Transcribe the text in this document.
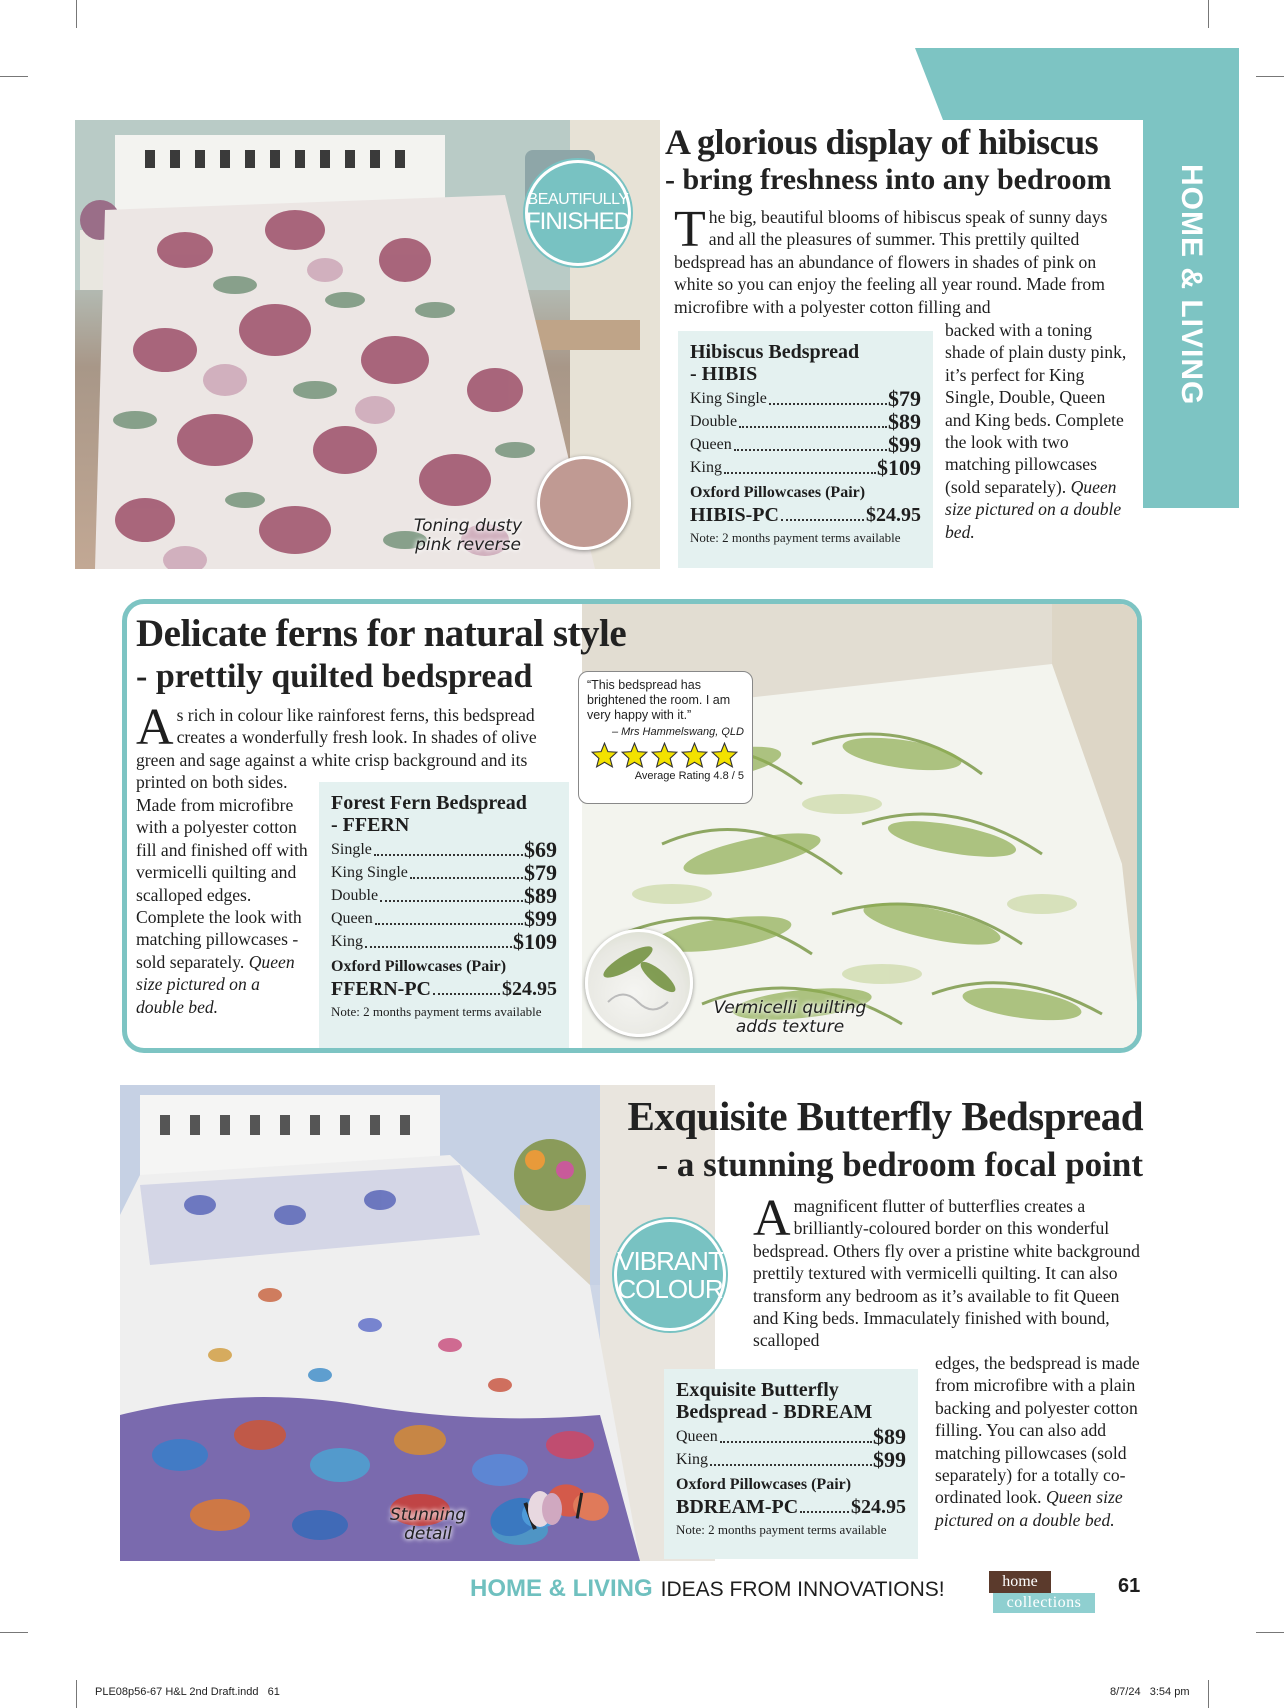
HOME & LIVING
Toning dusty
pink reverse
BEAUTIFULLY
FINISHED
A glorious display of hibiscus
- bring freshness into any bedroom
The big, beautiful blooms of hibiscus speak of sunny days and all the pleasures of summer. This prettily quilted bedspread has an abundance of flowers in shades of pink on white so you can enjoy the feeling all year round. Made from microfibre with a polyester cotton filling and
backed with a toning shade of plain dusty pink, it’s perfect for King Single, Double, Queen and King beds. Complete the look with two matching pillowcases (sold separately). Queen size pictured on a double bed.
Hibiscus Bedspread
- HIBIS
King Single	$79
Double	$89
Queen	$99
King	$109
Oxford Pillowcases (Pair)
HIBIS-PC	$24.95
Note: 2 months payment terms available
Vermicelli quilting
adds texture
Delicate ferns for natural style
- prettily quilted bedspread	“This bedspread has brightened the room. I am very happy with it.”
– Mrs Hammelswang, QLD
Average Rating 4.8 / 5
As rich in colour like rainforest ferns, this bedspread creates a wonderfully fresh look. In shades of olive green and sage against a white crisp background and its printed on both sides.
Made from microfibre with a polyester cotton fill and finished off with vermicelli quilting and scalloped edges. Complete the look with matching pillowcases - sold separately. Queen size pictured on a double bed.
Forest Fern Bedspread
- FFERN
Single	$69
King Single	$79
Double	$89
Queen	$99
King	$109
Oxford Pillowcases (Pair)
FFERN-PC	$24.95
Note: 2 months payment terms available
Stunning
detail
VIBRANT
COLOUR
Exquisite Butterfly Bedspread
- a stunning bedroom focal point
Amagnificent flutter of butterflies creates a brilliantly-coloured border on this wonderful bedspread. Others fly over a pristine white background prettily textured with vermicelli quilting. It can also transform any bedroom as it’s available to fit Queen and King beds. Immaculately finished with bound, scalloped
edges, the bedspread is made from microfibre with a plain backing and polyester cotton filling. You can also add matching pillowcases (sold separately) for a totally co-ordinated look. Queen size pictured on a double bed.
Exquisite Butterfly
Bedspread - BDREAM
Queen	$89
King	$99
Oxford Pillowcases (Pair)
BDREAM-PC	$24.95
Note: 2 months payment terms available
HOME & LIVING IDEAS FROM INNOVATIONS!	home
collections
61
PLE08p56-67 H&L 2nd Draft.indd   61	8/7/24   3:54 pm
